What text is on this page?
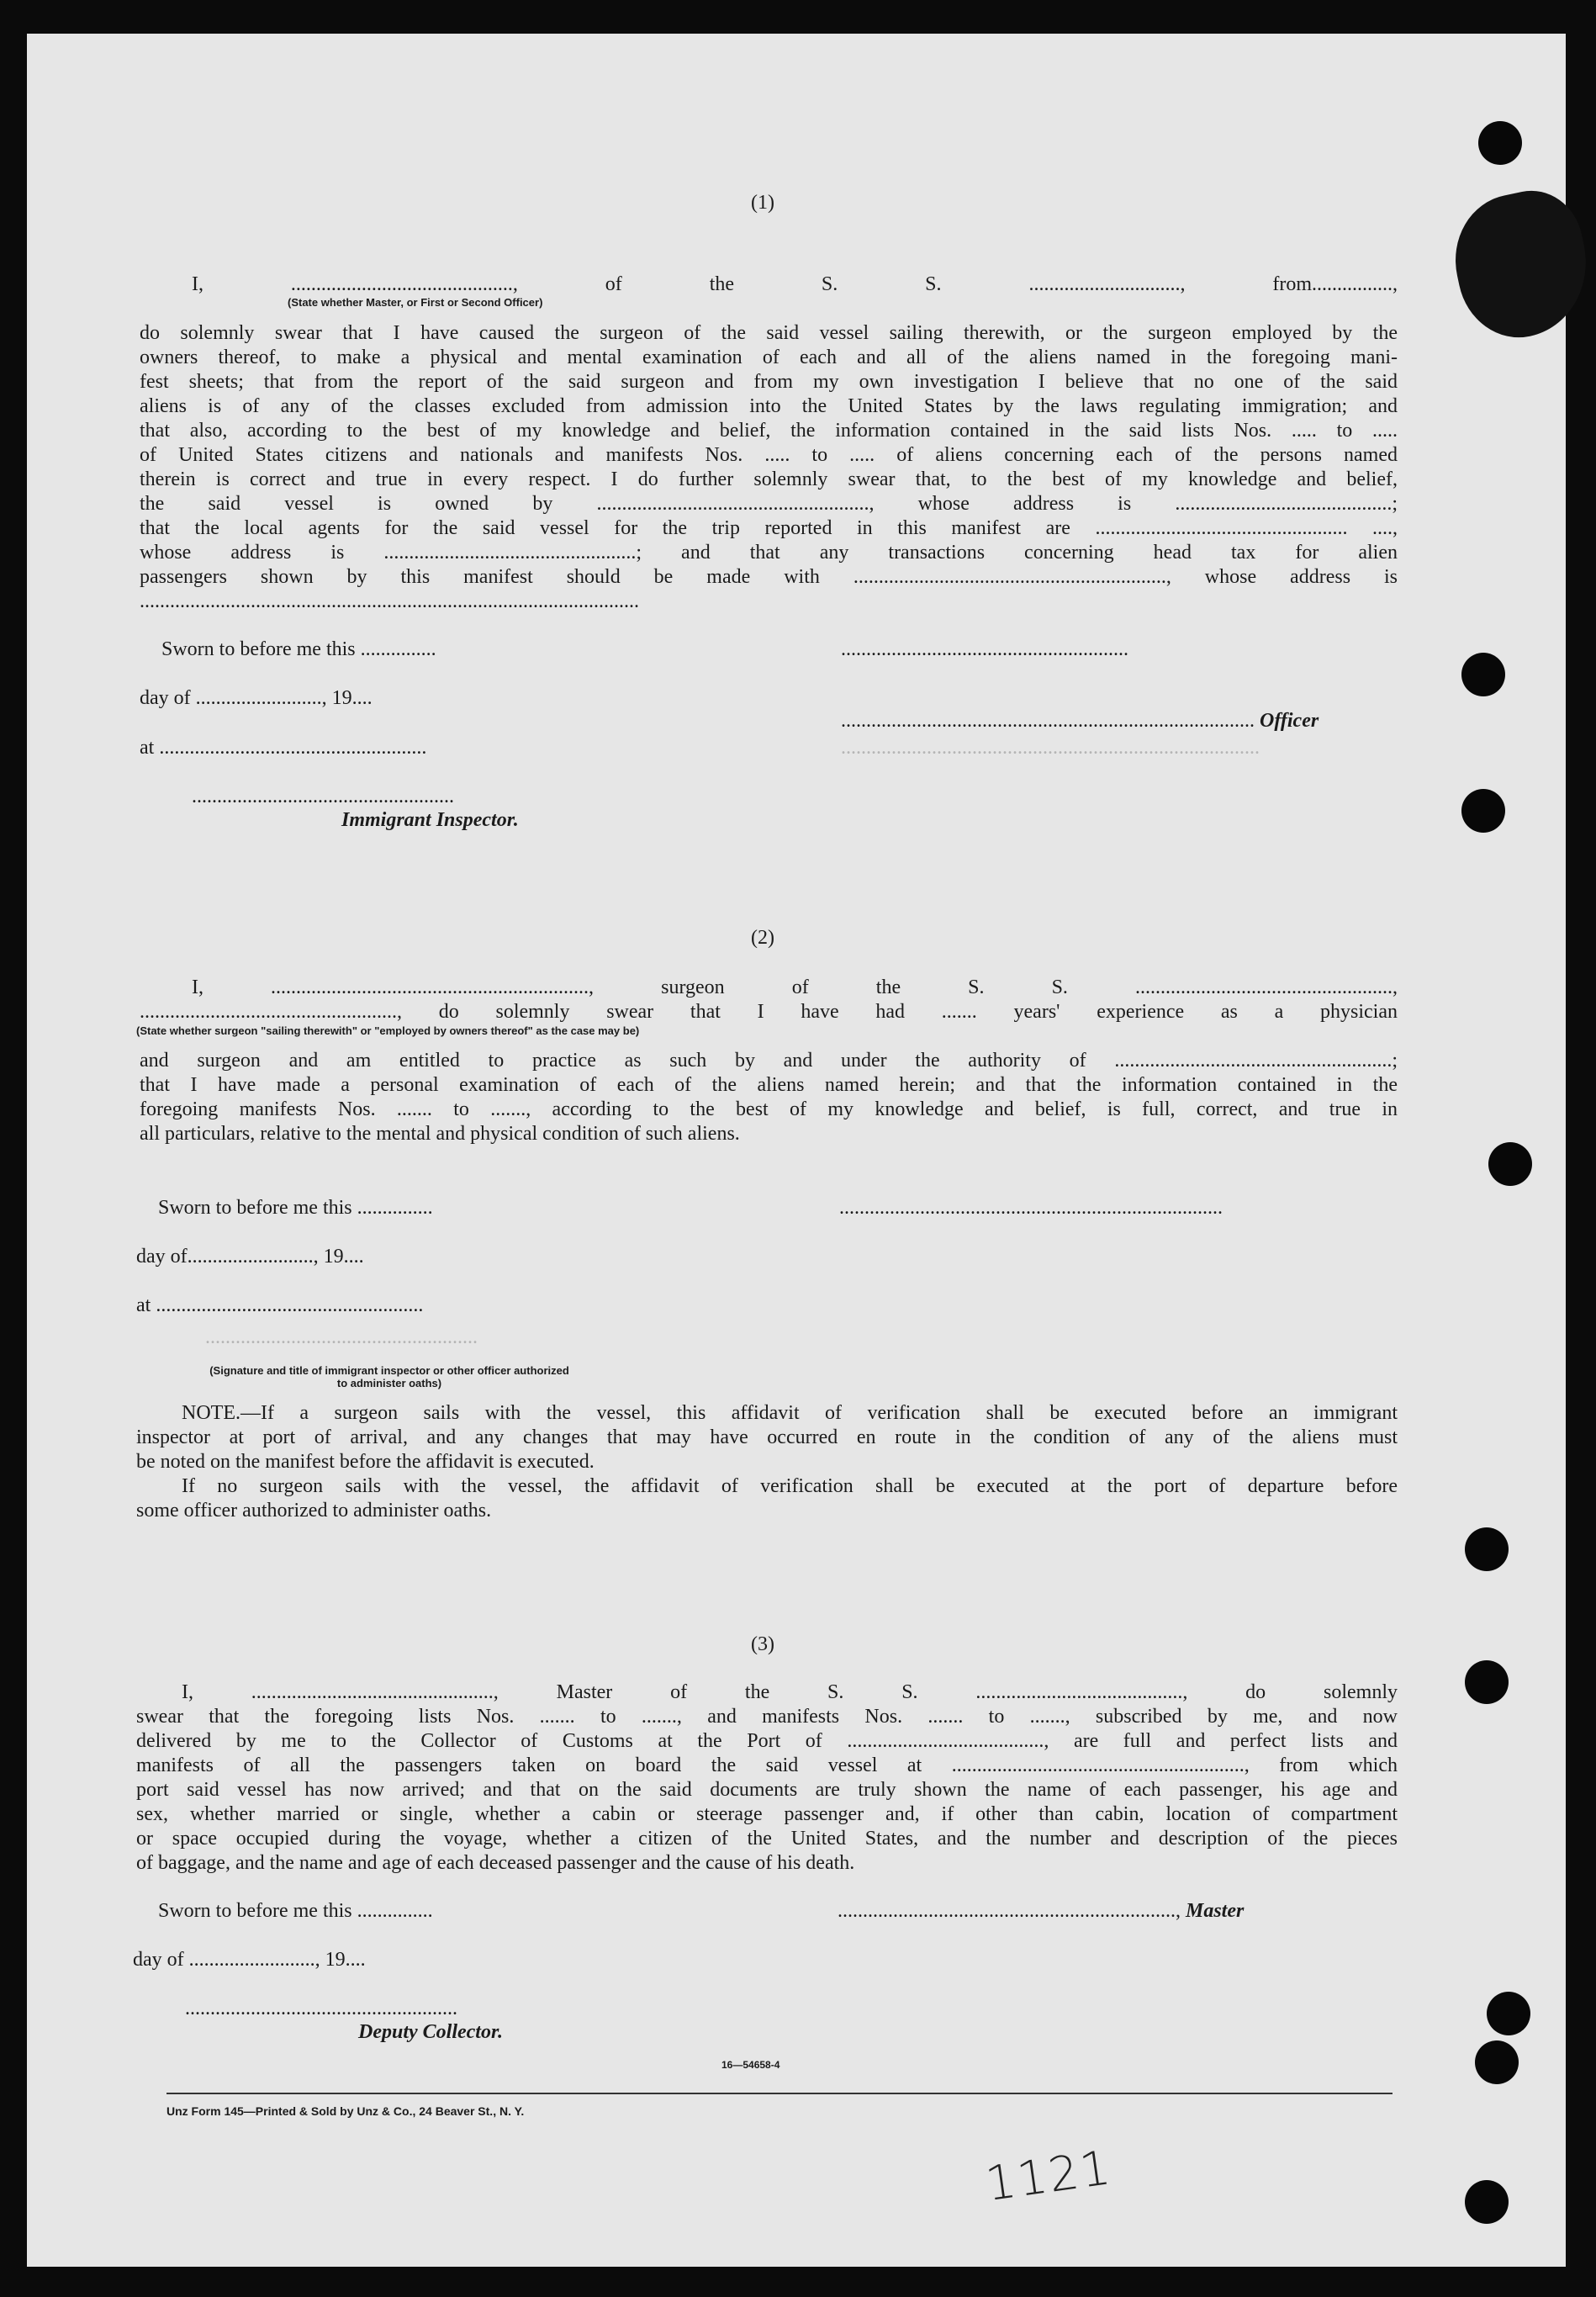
(1)
I, ............................................, of the S. S. .............................., from................,
(State whether Master, or First or Second Officer)
do solemnly swear that I have caused the surgeon of the said vessel sailing therewith, or the surgeon employed by the
owners thereof, to make a physical and mental examination of each and all of the aliens named in the foregoing mani-
fest sheets; that from the report of the said surgeon and from my own investigation I believe that no one of the said
aliens is of any of the classes excluded from admission into the United States by the laws regulating immigration; and
that also, according to the best of my knowledge and belief, the information contained in the said lists Nos. ..... to .....
of United States citizens and nationals and manifests Nos. ..... to ..... of aliens concerning each of the persons named
therein is correct and true in every respect. I do further solemnly swear that, to the best of my knowledge and belief,
the said vessel is owned by ......................................................, whose address is ...........................................;
that the local agents for the said vessel for the trip reported in this manifest are .................................................. ....,
whose address is ..................................................; and that any transactions concerning head tax for alien
passengers shown by this manifest should be made with .............................................................., whose address is
...................................................................................................
Sworn to before me this ...............	.........................................................
day of ........................., 19....
.................................................................................. Officer
at .....................................................	...................................................................................
....................................................
Immigrant Inspector.
(2)
I, ..............................................................., surgeon of the S. S. ...................................................,
..................................................., do solemnly swear that I have had ....... years' experience as a physician
(State whether surgeon "sailing therewith" or "employed by owners thereof" as the case may be)
and surgeon and am entitled to practice as such by and under the authority of .......................................................;
that I have made a personal examination of each of the aliens named herein; and that the information contained in the
foregoing manifests Nos. ....... to ......., according to the best of my knowledge and belief, is full, correct, and true in
all particulars, relative to the mental and physical condition of such aliens.
Sworn to before me this ...............	............................................................................
day of........................., 19....
at .....................................................
......................................................
(Signature and title of immigrant inspector or other officer authorized to administer oaths)
NOTE.—If a surgeon sails with the vessel, this affidavit of verification shall be executed before an immigrant
inspector at port of arrival, and any changes that may have occurred en route in the condition of any of the aliens must
be noted on the manifest before the affidavit is executed.
If no surgeon sails with the vessel, the affidavit of verification shall be executed at the port of departure before
some officer authorized to administer oaths.
(3)
I, ................................................, Master of the S. S. ........................................., do solemnly
swear that the foregoing lists Nos. ....... to ......., and manifests Nos. ....... to ......., subscribed by me, and now
delivered by me to the Collector of Customs at the Port of ......................................., are full and perfect lists and
manifests of all the passengers taken on board the said vessel at .........................................................., from which
port said vessel has now arrived; and that on the said documents are truly shown the name of each passenger, his age and
sex, whether married or single, whether a cabin or steerage passenger and, if other than cabin, location of compartment
or space occupied during the voyage, whether a citizen of the United States, and the number and description of the pieces
of baggage, and the name and age of each deceased passenger and the cause of his death.
Sworn to before me this ...............	..................................................................., Master
day of ........................., 19....
......................................................
Deputy Collector.
16—54658-4
Unz Form 145—Printed & Sold by Unz & Co., 24 Beaver St., N. Y.
1121
